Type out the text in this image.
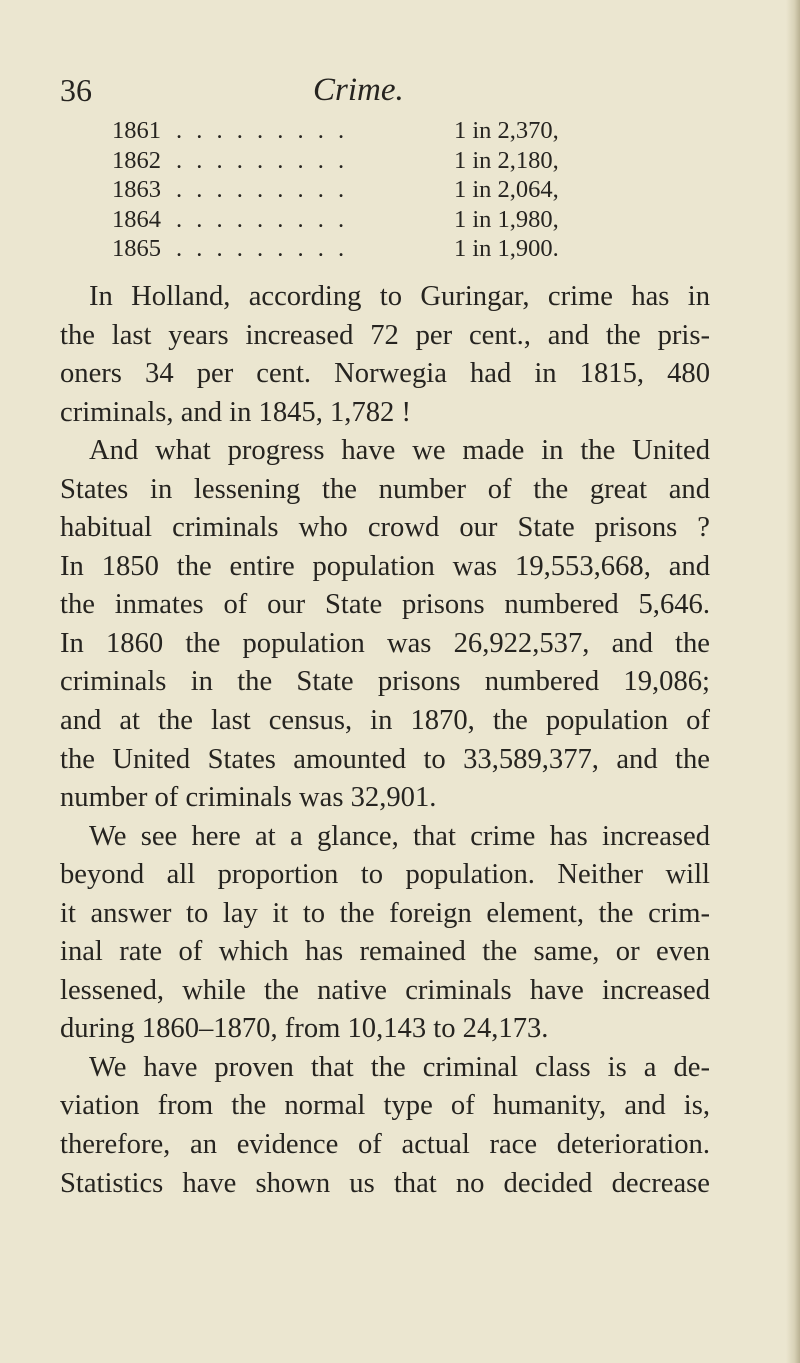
36	Crime.
1861 . . . . . . . . .	1 in 2,370,
1862 . . . . . . . . .	1 in 2,180,
1863 . . . . . . . . .	1 in 2,064,
1864 . . . . . . . . .	1 in 1,980,
1865 . . . . . . . . .	1 in 1,900.
In Holland, according to Guringar, crime has in
the last years increased 72 per cent., and the pris-
oners 34 per cent. Norwegia had in 1815, 480
criminals, and in 1845, 1,782 !
And what progress have we made in the United
States in lessening the number of the great and
habitual criminals who crowd our State prisons ?
In 1850 the entire population was 19,553,668, and
the inmates of our State prisons numbered 5,646.
In 1860 the population was 26,922,537, and the
criminals in the State prisons numbered 19,086;
and at the last census, in 1870, the population of
the United States amounted to 33,589,377, and the
number of criminals was 32,901.
We see here at a glance, that crime has increased
beyond all proportion to population. Neither will
it answer to lay it to the foreign element, the crim-
inal rate of which has remained the same, or even
lessened, while the native criminals have increased
during 1860–1870, from 10,143 to 24,173.
We have proven that the criminal class is a de-
viation from the normal type of humanity, and is,
therefore, an evidence of actual race deterioration.
Statistics have shown us that no decided decrease
